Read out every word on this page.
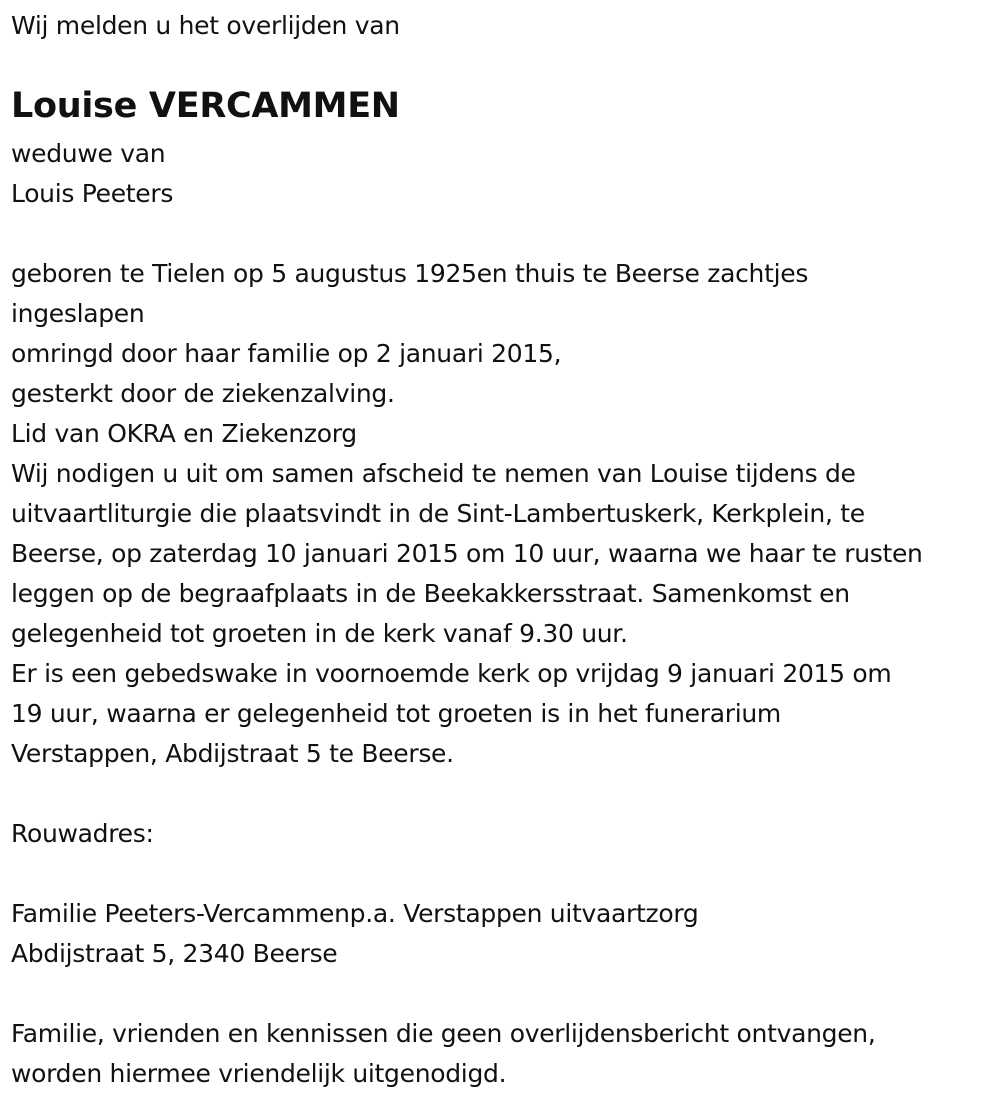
Wij melden u het overlijden van
Louise VERCAMMEN
weduwe van
Louis Peeters
geboren te Tielen op 5 augustus 1925en thuis te Beerse zachtjes
ingeslapen
omringd door haar familie op 2 januari 2015,
gesterkt door de ziekenzalving.
Lid van OKRA en Ziekenzorg
Wij nodigen u uit om samen afscheid te nemen van Louise tijdens de
uitvaartliturgie die plaatsvindt in de Sint-Lambertuskerk, Kerkplein, te
Beerse, op zaterdag 10 januari 2015 om 10 uur, waarna we haar te rusten
leggen op de begraafplaats in de Beekakkersstraat. Samenkomst en
gelegenheid tot groeten in de kerk vanaf 9.30 uur.
Er is een gebedswake in voornoemde kerk op vrijdag 9 januari 2015 om
19 uur, waarna er gelegenheid tot groeten is in het funerarium
Verstappen, Abdijstraat 5 te Beerse.
Rouwadres:
Familie Peeters-Vercammenp.a. Verstappen uitvaartzorg
Abdijstraat 5, 2340 Beerse
Familie, vrienden en kennissen die geen overlijdensbericht ontvangen,
worden hiermee vriendelijk uitgenodigd.
